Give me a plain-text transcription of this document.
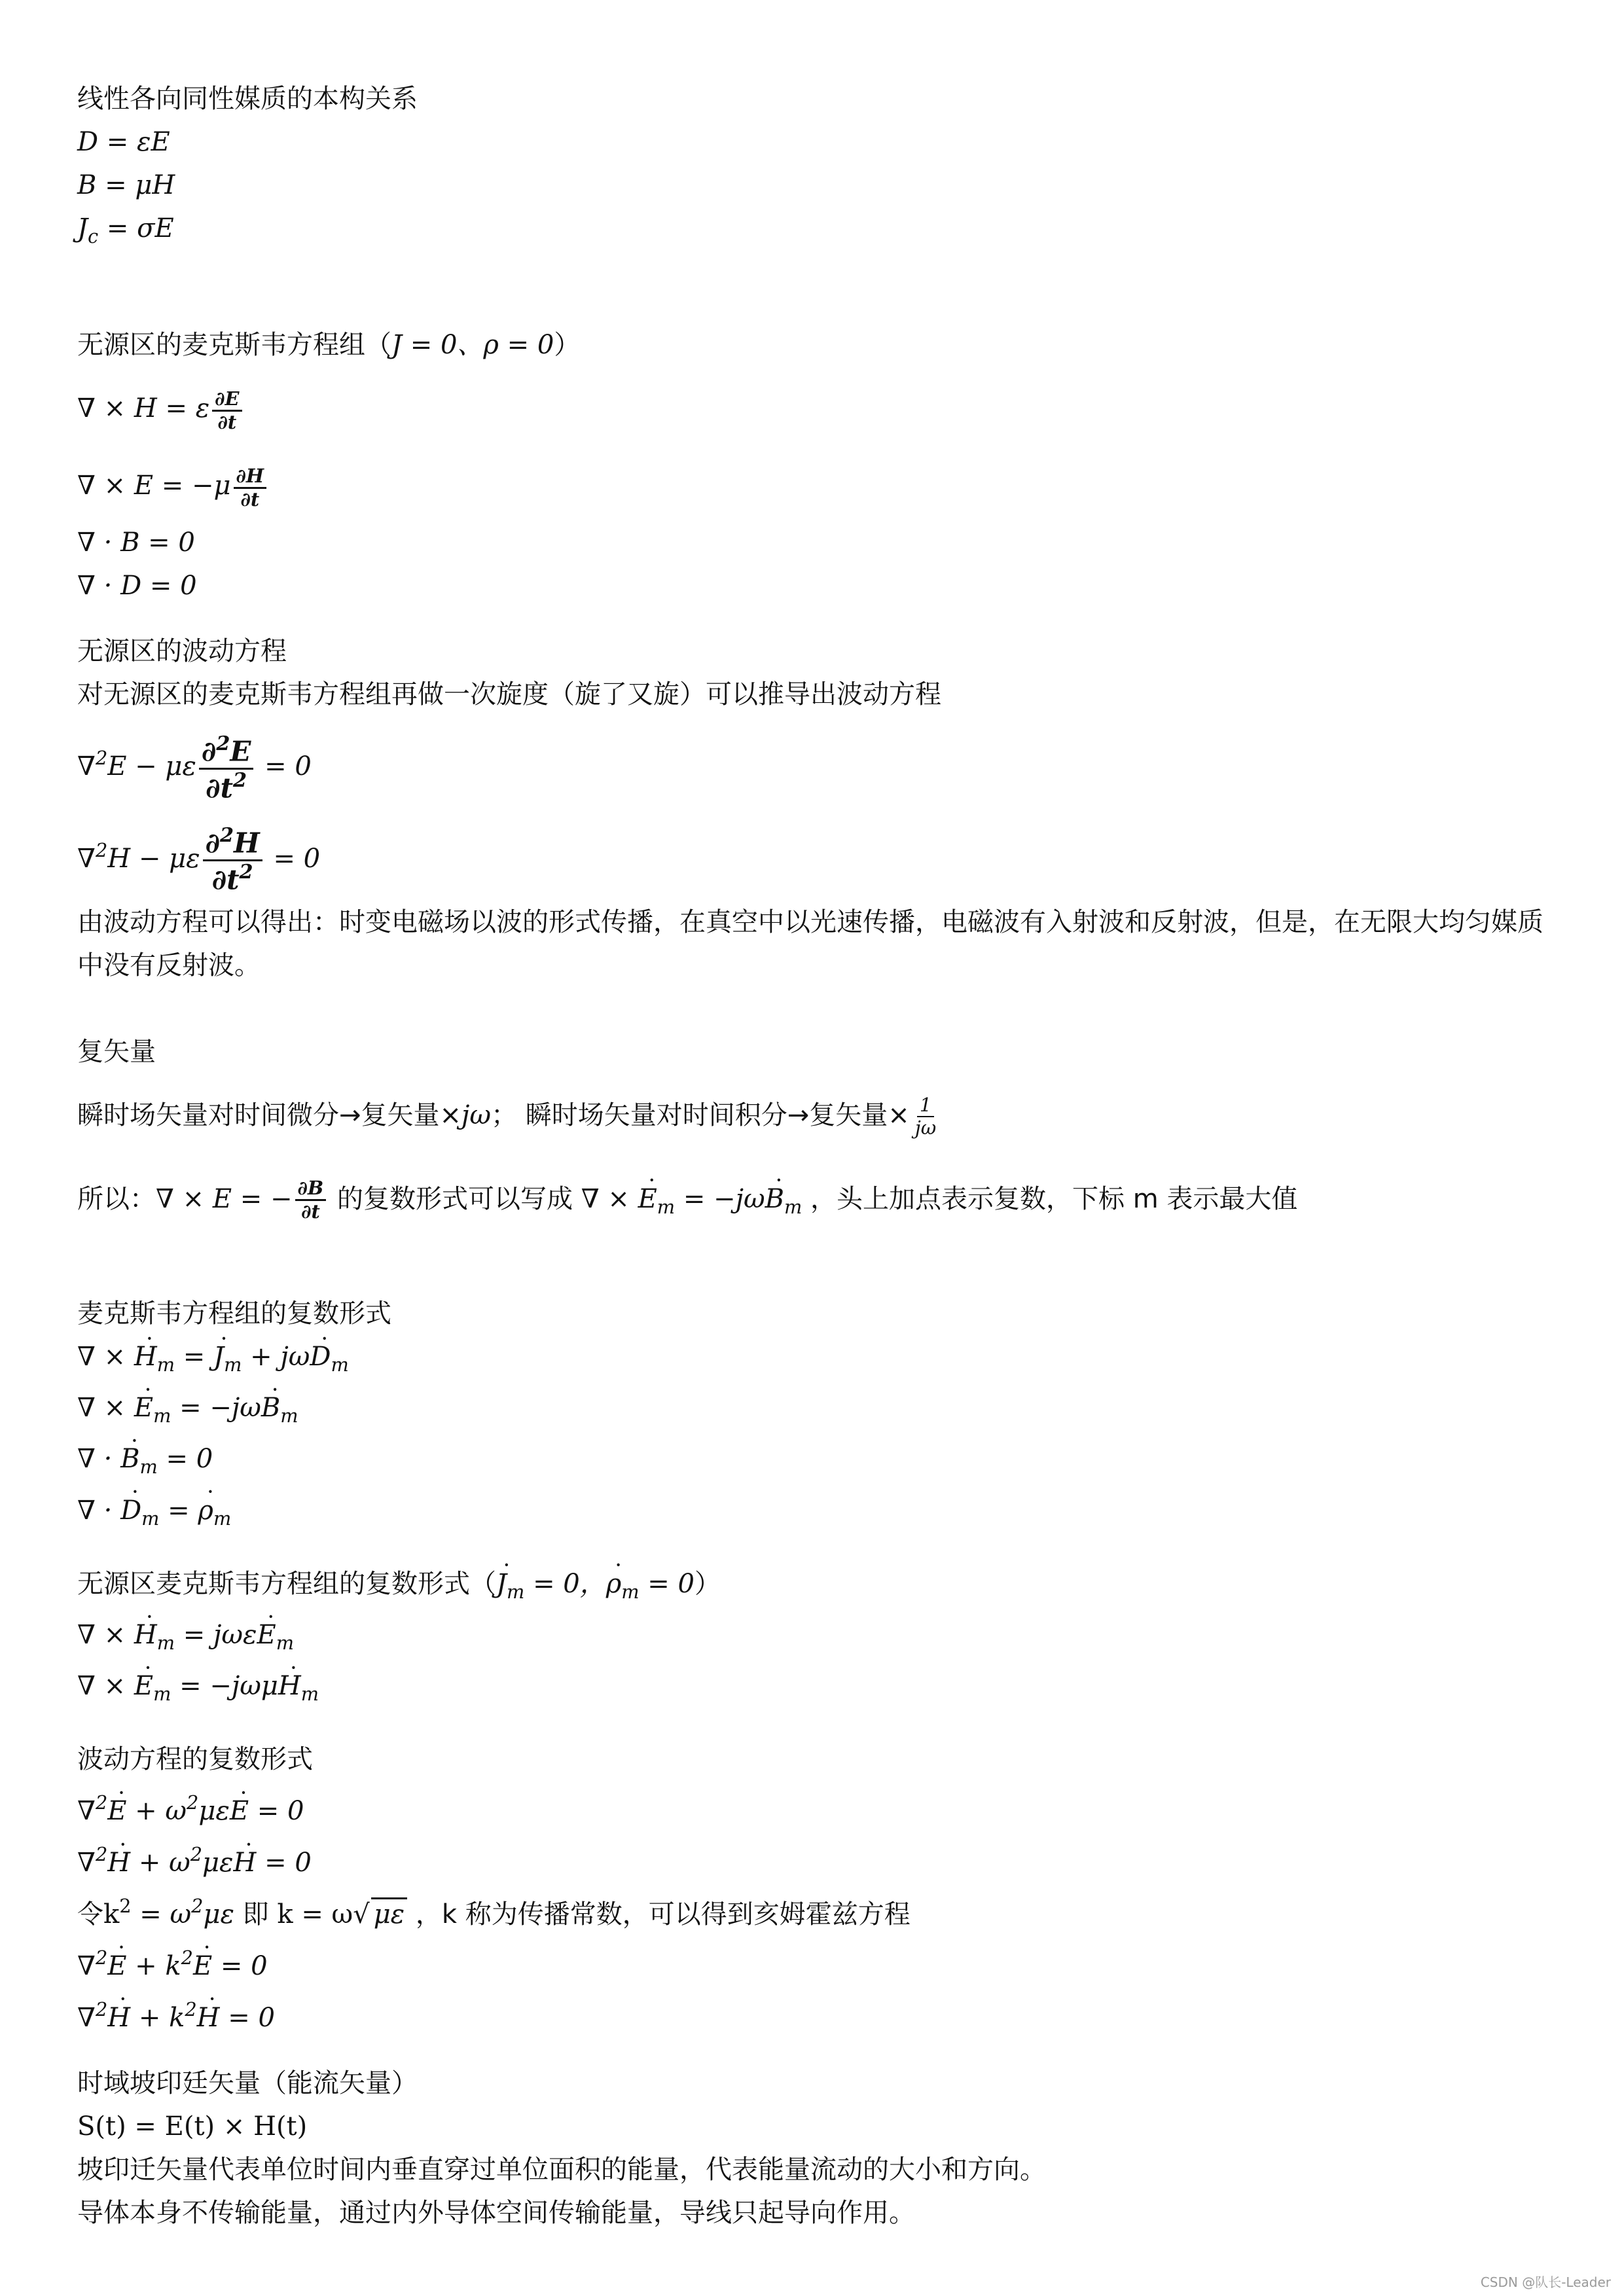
线性各向同性媒质的本构关系
D = εE
B = μH
$J_c = \sigma E$
无源区的麦克斯韦方程组（J = 0、ρ = 0）
∇ × H = ε $\frac{\partial E}{\partial t}$
∇ × $E = -\mu \frac{\partial H}{\partial t}$
∇ · B = 0
∇ · D = 0
无源区的波动方程
对无源区的麦克斯韦方程组再做一次旋度（旋了又旋）可以推导出波动方程
∇$^2$E − με $\frac{\partial^2E}{\partial t^2} = 0$
∇$^2$H − με $\frac{\partial^2H}{\partial t^2} = 0$
由波动方程可以得出：时变电磁场以波的形式传播，在真空中以光速传播，电磁波有入射波和反射波，但是，在无限大均匀媒质中没有反射波。
复矢量
瞬时场矢量对时间微分→复矢量×jω； 瞬时场矢量对时间积分→复矢量× $\frac{1}{j\omega}$
所以：∇ × E = − $\frac{\partial B}{\partial t}$ 的复数形式可以写成 ∇ × ˙ $E_m$ = −jω˙ $B_m$ ，头上加点表示复数，下标 m 表示最大值
麦克斯韦方程组的复数形式
∇ × ˙ $H_m$ = ˙ $J_m$ + jω˙ $D_m$
∇ × ˙ $E_m$ = −jω˙ $B_m$
∇ · ˙ $B_m = 0$
∇ · ˙ $D_m$ = ˙ $\rho_m$
无源区麦克斯韦方程组的复数形式（˙ $J_m = 0$，˙ $\rho_m = 0$）
∇ × ˙ $H_m$ = jωε˙ $E_m$
∇ × ˙ $E_m$ = −jωμ˙ $H_m$
波动方程的复数形式
∇$^2$˙ $E + \omega^2\mu\varepsilon˙$ E = 0
∇$^2$˙ $H + \omega^2\mu\varepsilon˙$ H = 0
令$k^2 = \omega^2\mu\varepsilon$ 即 k = ω√ με ，k 称为传播常数，可以得到亥姆霍兹方程
∇$^2$˙ $E + k^2˙$ E = 0
∇$^2$˙ $H + k^2˙$ H = 0
时域坡印廷矢量（能流矢量）
S(t) = E(t) × H(t)
坡印迁矢量代表单位时间内垂直穿过单位面积的能量，代表能量流动的大小和方向。
导体本身不传输能量，通过内外导体空间传输能量，导线只起导向作用。
CSDN @队长-Leader
